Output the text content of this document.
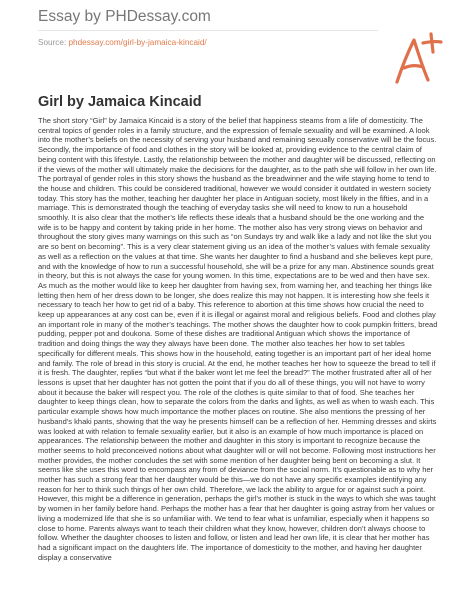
Essay by PHDessay.com
Source: phdessay.com/girl-by-jamaica-kincaid/
Girl by Jamaica Kincaid

The short story “Girl” by Jamaica Kincaid is a story of the belief that happiness steams from a life of domesticity. The central topics of gender roles in a family structure, and the expression of female sexuality and will be examined. A look into the mother’s beliefs on the necessity of serving your husband and remaining sexually conservative will be the focus. Secondly, the importance of food and clothes in the story will be looked at, providing evidence to the central claim of being content with this lifestyle. Lastly, the relationship between the mother and daughter will be discussed, reflecting on if the views of the mother will ultimately make the decisions for the daughter, as to the path she will follow in her own life. The portrayal of gender roles in this story shows the husband as the breadwinner and the wife staying home to tend to the house and children. This could be considered traditional, however we would consider it outdated in western society today. This story has the mother, teaching her daughter her place in Antiguan society, most likely in the fifties, and in a marriage. This is demonstrated though the teaching of everyday tasks she will need to know to run a household smoothly. It is also clear that the mother’s life reflects these ideals that a husband should be the one working and the wife is to be happy and content by taking pride in her home. The mother also has very strong views on behavior and throughout the story gives many warnings on this such as “on Sundays try and walk like a lady and not like the slut you are so bent on becoming”. This is a very clear statement giving us an idea of the mother’s values with female sexuality as well as a reflection on the values at that time. She wants her daughter to find a husband and she believes kept pure, and with the knowledge of how to run a successful household, she will be a prize for any man. Abstinence sounds great in theory, but this is not always the case for young women. In this time, expectations are to be wed and then have sex. As much as the mother would like to keep her daughter from having sex, from warning her, and teaching her things like letting then hem of her dress down to be longer, she does realize this may not happen. It is interesting how she feels it necessary to teach her how to get rid of a baby. This reference to abortion at this time shows how crucial the need to keep up appearances at any cost can be, even if it is illegal or against moral and religious beliefs. Food and clothes play an important role in many of the mother’s teachings. The mother shows the daughter how to cook pumpkin fritters, bread pudding, pepper pot and doukona. Some of these dishes are traditional Antiguan which shows the importance of tradition and doing things the way they always have been done. The mother also teaches her how to set tables specifically for different meals. This shows how in the household, eating together is an important part of her ideal home and family. The role of bread in this story is crucial. At the end, he mother teaches her how to squeeze the bread to tell if it is fresh. The daughter, replies “but what if the baker wont let me feel the bread?” The mother frustrated after all of her lessons is upset that her daughter has not gotten the point that if you do all of these things, you will not have to worry about it because the baker will respect you. The role of the clothes is quite similar to that of food. She teaches her daughter to keep things clean, how to separate the colors from the darks and lights, as well as when to wash each. This particular example shows how much importance the mother places on routine. She also mentions the pressing of her husband’s khaki pants, showing that the way he presents himself can be a reflection of her. Hemming dresses and skirts was looked at with relation to female sexuality earlier, but it also is an example of how much importance is placed on appearances. The relationship between the mother and daughter in this story is important to recognize because the mother seems to hold preconceived notions about what daughter will or will not become. Following most instructions her mother provides, the mother concludes the set with some mention of her daughter being bent on becoming a slut. It seems like she uses this word to encompass any from of deviance from the social norm. It’s questionable as to why her mother has such a strong fear that her daughter would be this—we do not have any specific examples identifying any reason for her to think such things of her own child. Therefore, we lack the ability to argue for or against such a point. However, this might be a difference in generation, perhaps the girl’s mother is stuck in the ways to which she was taught by women in her family before hand. Perhaps the mother has a fear that her daughter is going astray from her values or living a modernized life that she is so unfamiliar with. We tend to fear what is unfamiliar, especially when it happens so close to home. Parents always want to teach their children what they know, however, children don’t always choose to follow. Whether the daughter chooses to listen and follow, or listen and lead her own life, it is clear that her mother has had a significant impact on the daughters life. The importance of domesticity to the mother, and having her daughter display a conservative
